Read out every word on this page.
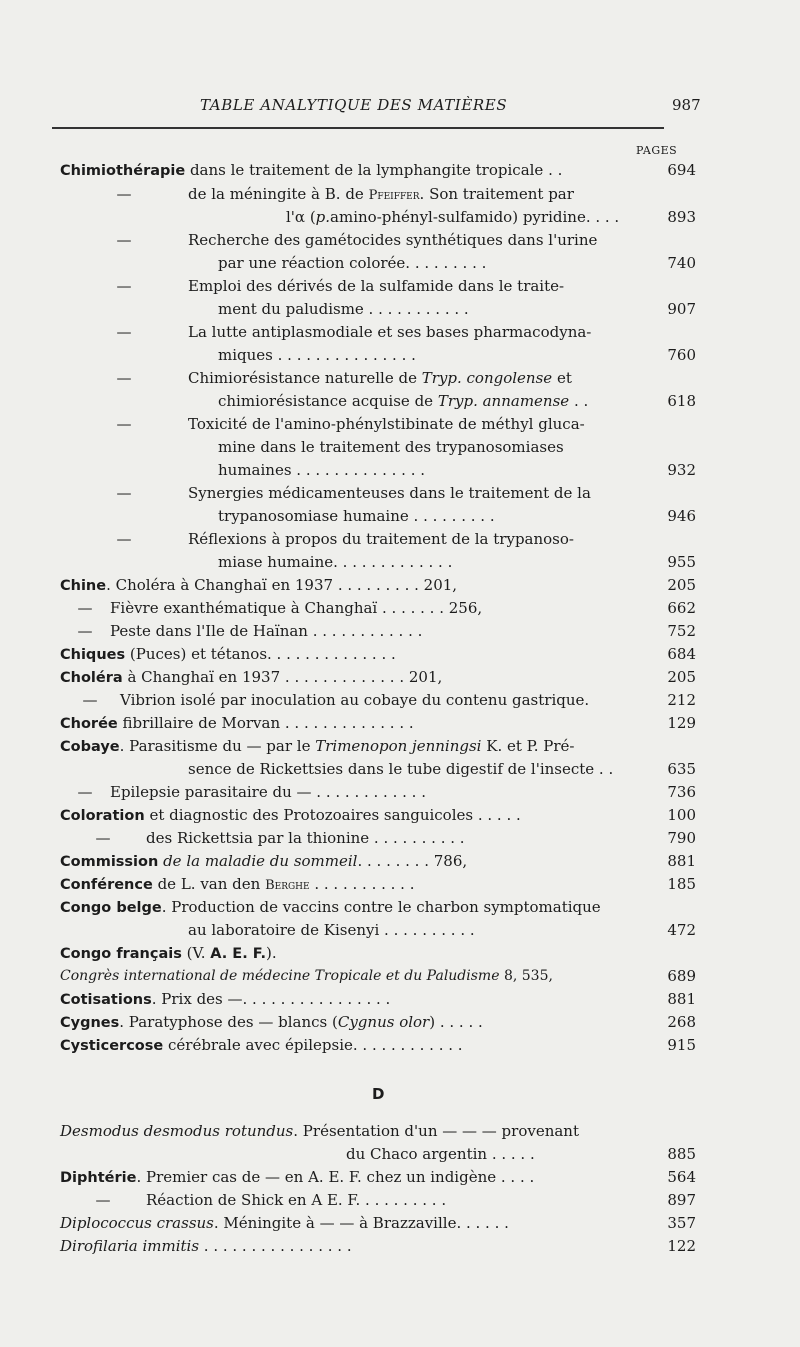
TABLE ANALYTIQUE DES MATIÈRES	987
PAGES
Chimiothérapie dans le traitement de la lymphangite tropicale . .	694
—	de la méningite à B. de Pfeiffer. Son traitement par
l'α (p.amino-phényl-sulfamido) pyridine. . . .	893
—	Recherche des gamétocides synthétiques dans l'urine
par une réaction colorée. . . . . . . . .	740
—	Emploi des dérivés de la sulfamide dans le traite-
ment du paludisme . . . . . . . . . . .	907
—	La lutte antiplasmodiale et ses bases pharmacodyna-
miques . . . . . . . . . . . . . . .	760
—	Chimiorésistance naturelle de Tryp. congolense et
chimiorésistance acquise de Tryp. annamense . .	618
—	Toxicité de l'amino-phénylstibinate de méthyl gluca-
mine dans le traitement des trypanosomiases
humaines . . . . . . . . . . . . . .	932
—	Synergies médicamenteuses dans le traitement de la
trypanosomiase humaine . . . . . . . . .	946
—	Réflexions à propos du traitement de la trypanoso-
miase humaine. . . . . . . . . . . . .	955
Chine. Choléra à Changhaï en 1937 . . . . . . . . . 201,	205
— Fièvre exanthématique à Changhaï . . . . . . . 256,	662
— Peste dans l'Ile de Haïnan . . . . . . . . . . . .	752
Chiques (Puces) et tétanos. . . . . . . . . . . . . .	684
Choléra à Changhaï en 1937 . . . . . . . . . . . . . 201,	205
— Vibrion isolé par inoculation au cobaye du contenu gastrique.	212
Chorée fibrillaire de Morvan . . . . . . . . . . . . . .	129
Cobaye. Parasitisme du — par le Trimenopon jenningsi K. et P. Pré-
sence de Rickettsies dans le tube digestif de l'insecte . .	635
— Epilepsie parasitaire du — . . . . . . . . . . . .	736
Coloration et diagnostic des Protozoaires sanguicoles . . . . .	100
— des Rickettsia par la thionine . . . . . . . . . .	790
Commission de la maladie du sommeil. . . . . . . . 786,	881
Conférence de L. van den Berghe . . . . . . . . . . .	185
Congo belge. Production de vaccins contre le charbon symptomatique
au laboratoire de Kisenyi . . . . . . . . . .	472
Congo français (V. A. E. F.).
Congrès international de médecine Tropicale et du Paludisme 8, 535,	689
Cotisations. Prix des —. . . . . . . . . . . . . . . .	881
Cygnes. Paratyphose des — blancs (Cygnus olor) . . . . .	268
Cysticercose cérébrale avec épilepsie. . . . . . . . . . . .	915
D
Desmodus desmodus rotundus. Présentation d'un — — — provenant
du Chaco argentin . . . . .	885
Diphtérie. Premier cas de — en A. E. F. chez un indigène . . . .	564
— Réaction de Shick en A E. F. . . . . . . . . .	897
Diplococcus crassus. Méningite à — — à Brazzaville. . . . . .	357
Dirofilaria immitis . . . . . . . . . . . . . . . .	122
